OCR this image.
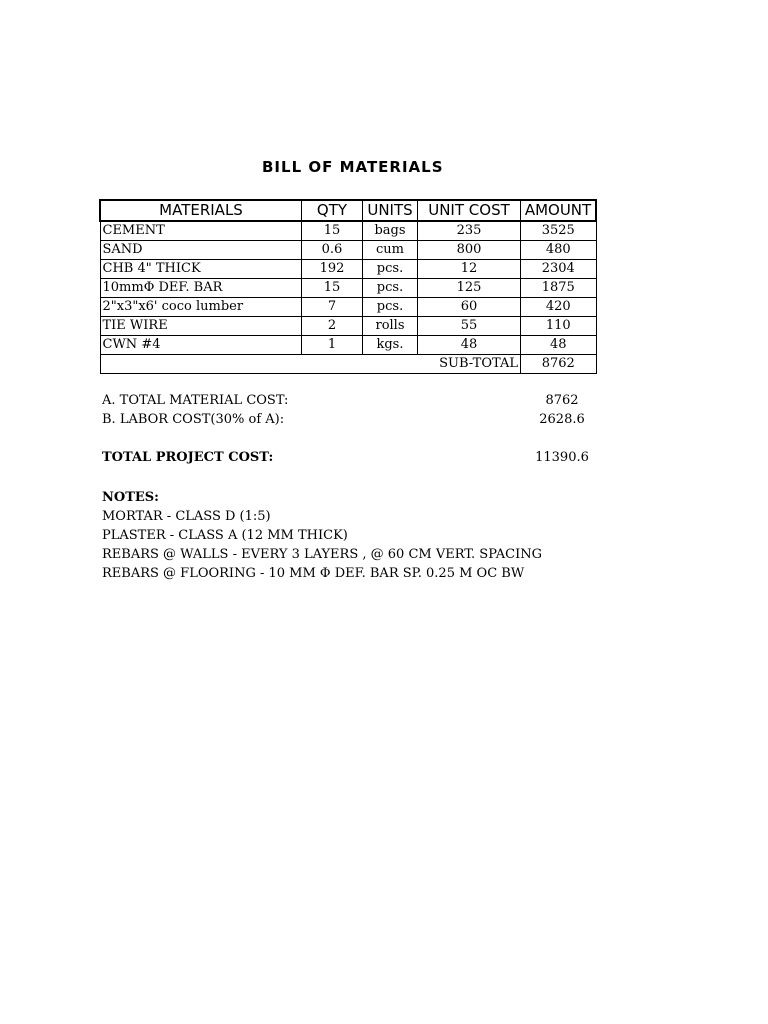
BILL OF MATERIALS
MATERIALS	QTY	UNITS	UNIT COST	AMOUNT
CEMENT	15	bags	235	3525
SAND	0.6	cum	800	480
CHB 4" THICK	192	pcs.	12	2304
10mmΦ DEF. BAR	15	pcs.	125	1875
2"x3"x6' coco lumber	7	pcs.	60	420
TIE WIRE	2	rolls	55	110
CWN #4	1	kgs.	48	48
			SUB-TOTAL	8762
A. TOTAL MATERIAL COST:	8762
B. LABOR COST(30% of A):	2628.6
TOTAL PROJECT COST:	11390.6
NOTES:
MORTAR - CLASS D (1:5)
PLASTER - CLASS A (12 MM THICK)
REBARS @ WALLS - EVERY 3 LAYERS , @ 60 CM VERT. SPACING
REBARS @ FLOORING - 10 MM Φ DEF. BAR SP. 0.25 M OC BW
